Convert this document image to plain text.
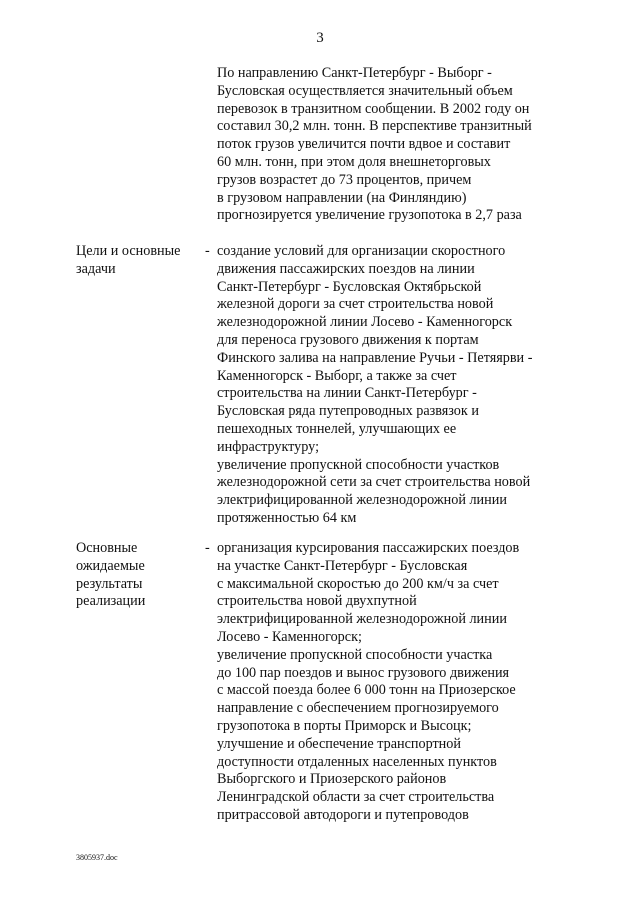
3
По направлению Санкт-Петербург - Выборг -
Бусловская осуществляется значительный объем
перевозок в транзитном сообщении. В 2002 году он
составил 30,2 млн. тонн. В перспективе транзитный
поток грузов увеличится почти вдвое и составит
60 млн. тонн, при этом доля внешнеторговых
грузов возрастет до 73 процентов, причем
в грузовом направлении (на Финляндию)
прогнозируется увеличение грузопотока в 2,7 раза
Цели и основные
задачи
- создание условий для организации скоростного
движения пассажирских поездов на линии
Санкт-Петербург - Бусловская Октябрьской
железной дороги за счет строительства новой
железнодорожной линии Лосево - Каменногорск
для переноса грузового движения к портам
Финского залива на направление Ручьи - Петяярви -
Каменногорск - Выборг, а также за счет
строительства на линии Санкт-Петербург -
Бусловская ряда путепроводных развязок и
пешеходных тоннелей, улучшающих ее
инфраструктуру;
увеличение пропускной способности участков
железнодорожной сети за счет строительства новой
электрифицированной железнодорожной линии
протяженностью 64 км
Основные
ожидаемые
результаты
реализации
- организация курсирования пассажирских поездов
на участке Санкт-Петербург - Бусловская
с максимальной скоростью до 200 км/ч за счет
строительства новой двухпутной
электрифицированной железнодорожной линии
Лосево - Каменногорск;
увеличение пропускной способности участка
до 100 пар поездов и вынос грузового движения
с массой поезда более 6 000 тонн на Приозерское
направление с обеспечением прогнозируемого
грузопотока в порты Приморск и Высоцк;
улучшение и обеспечение транспортной
доступности отдаленных населенных пунктов
Выборгского и Приозерского районов
Ленинградской области за счет строительства
притрассовой автодороги и путепроводов
3805937.doc
